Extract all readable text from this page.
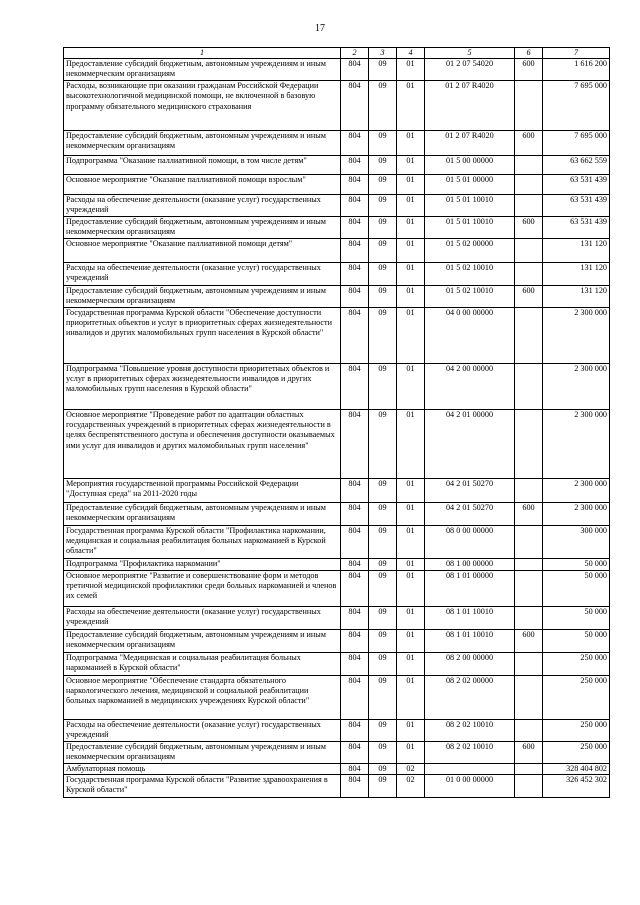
17
1	2	3	4	5	6	7
Предоставление субсидий бюджетным, автономным учреждениям и иным некоммерческим организациям	804	09	01	01 2 07 54020	600	1 616 200
Расходы, возникающие при оказании гражданам Российской Федерации высокотехнологичной медицинской помощи, не включенной в базовую программу обязательного медицинского страхования	804	09	01	01 2 07 R4020		7 695 000
Предоставление субсидий бюджетным, автономным учреждениям и иным некоммерческим организациям	804	09	01	01 2 07 R4020	600	7 695 000
Подпрограмма "Оказание паллиативной помощи, в том числе детям"	804	09	01	01 5 00 00000		63 662 559
Основное мероприятие "Оказание паллиативной помощи взрослым"	804	09	01	01 5 01 00000		63 531 439
Расходы на обеспечение деятельности (оказание услуг) государственных учреждений	804	09	01	01 5 01 10010		63 531 439
Предоставление субсидий бюджетным, автономным учреждениям и иным некоммерческим организациям	804	09	01	01 5 01 10010	600	63 531 439
Основное мероприятие "Оказание паллиативной помощи детям"	804	09	01	01 5 02 00000		131 120
Расходы на обеспечение деятельности (оказание услуг) государственных учреждений	804	09	01	01 5 02 10010		131 120
Предоставление субсидий бюджетным, автономным учреждениям и иным некоммерческим организациям	804	09	01	01 5 02 10010	600	131 120
Государственная программа Курской области "Обеспечение доступности приоритетных объектов и услуг в приоритетных сферах жизнедеятельности инвалидов и других маломобильных групп населения в Курской области"	804	09	01	04 0 00 00000		2 300 000
Подпрограмма "Повышение уровня доступности приоритетных объектов и услуг в приоритетных сферах жизнедеятельности инвалидов и других маломобильных групп населения в Курской области"	804	09	01	04 2 00 00000		2 300 000
Основное мероприятие "Проведение работ по адаптации областных государственных учреждений в приоритетных сферах жизнедеятельности в целях беспрепятственного доступа и обеспечения доступности оказываемых ими услуг для инвалидов и других маломобильных групп населения"	804	09	01	04 2 01 00000		2 300 000
Мероприятия государственной программы Российской Федерации "Доступная среда" на 2011-2020 годы	804	09	01	04 2 01 50270		2 300 000
Предоставление субсидий бюджетным, автономным учреждениям и иным некоммерческим организациям	804	09	01	04 2 01 50270	600	2 300 000
Государственная программа Курской области "Профилактика наркомании, медицинская и социальная реабилитация больных наркоманией в Курской области"	804	09	01	08 0 00 00000		300 000
Подпрограмма "Профилактика наркомании"	804	09	01	08 1 00 00000		50 000
Основное мероприятие "Развитие и совершенствование форм и методов третичной медицинской профилактики среди больных наркоманией и членов их семей	804	09	01	08 1 01 00000		50 000
Расходы на обеспечение деятельности (оказание услуг) государственных учреждений	804	09	01	08 1 01 10010		50 000
Предоставление субсидий бюджетным, автономным учреждениям и иным некоммерческим организациям	804	09	01	08 1 01 10010	600	50 000
Подпрограмма "Медицинская и социальная реабилитация больных наркоманией в Курской области"	804	09	01	08 2 00 00000		250 000
Основное мероприятие "Обеспечение стандарта обязательного наркологического лечения, медицинской и социальной реабилитации больных наркоманией в медицинских учреждениях Курской области"	804	09	01	08 2 02 00000		250 000
Расходы на обеспечение деятельности (оказание услуг) государственных учреждений	804	09	01	08 2 02 10010		250 000
Предоставление субсидий бюджетным, автономным учреждениям и иным некоммерческим организациям	804	09	01	08 2 02 10010	600	250 000
Амбулаторная помощь	804	09	02			328 404 802
Государственная программа Курской области "Развитие здравоохранения в Курской области"	804	09	02	01 0 00 00000		326 452 302
